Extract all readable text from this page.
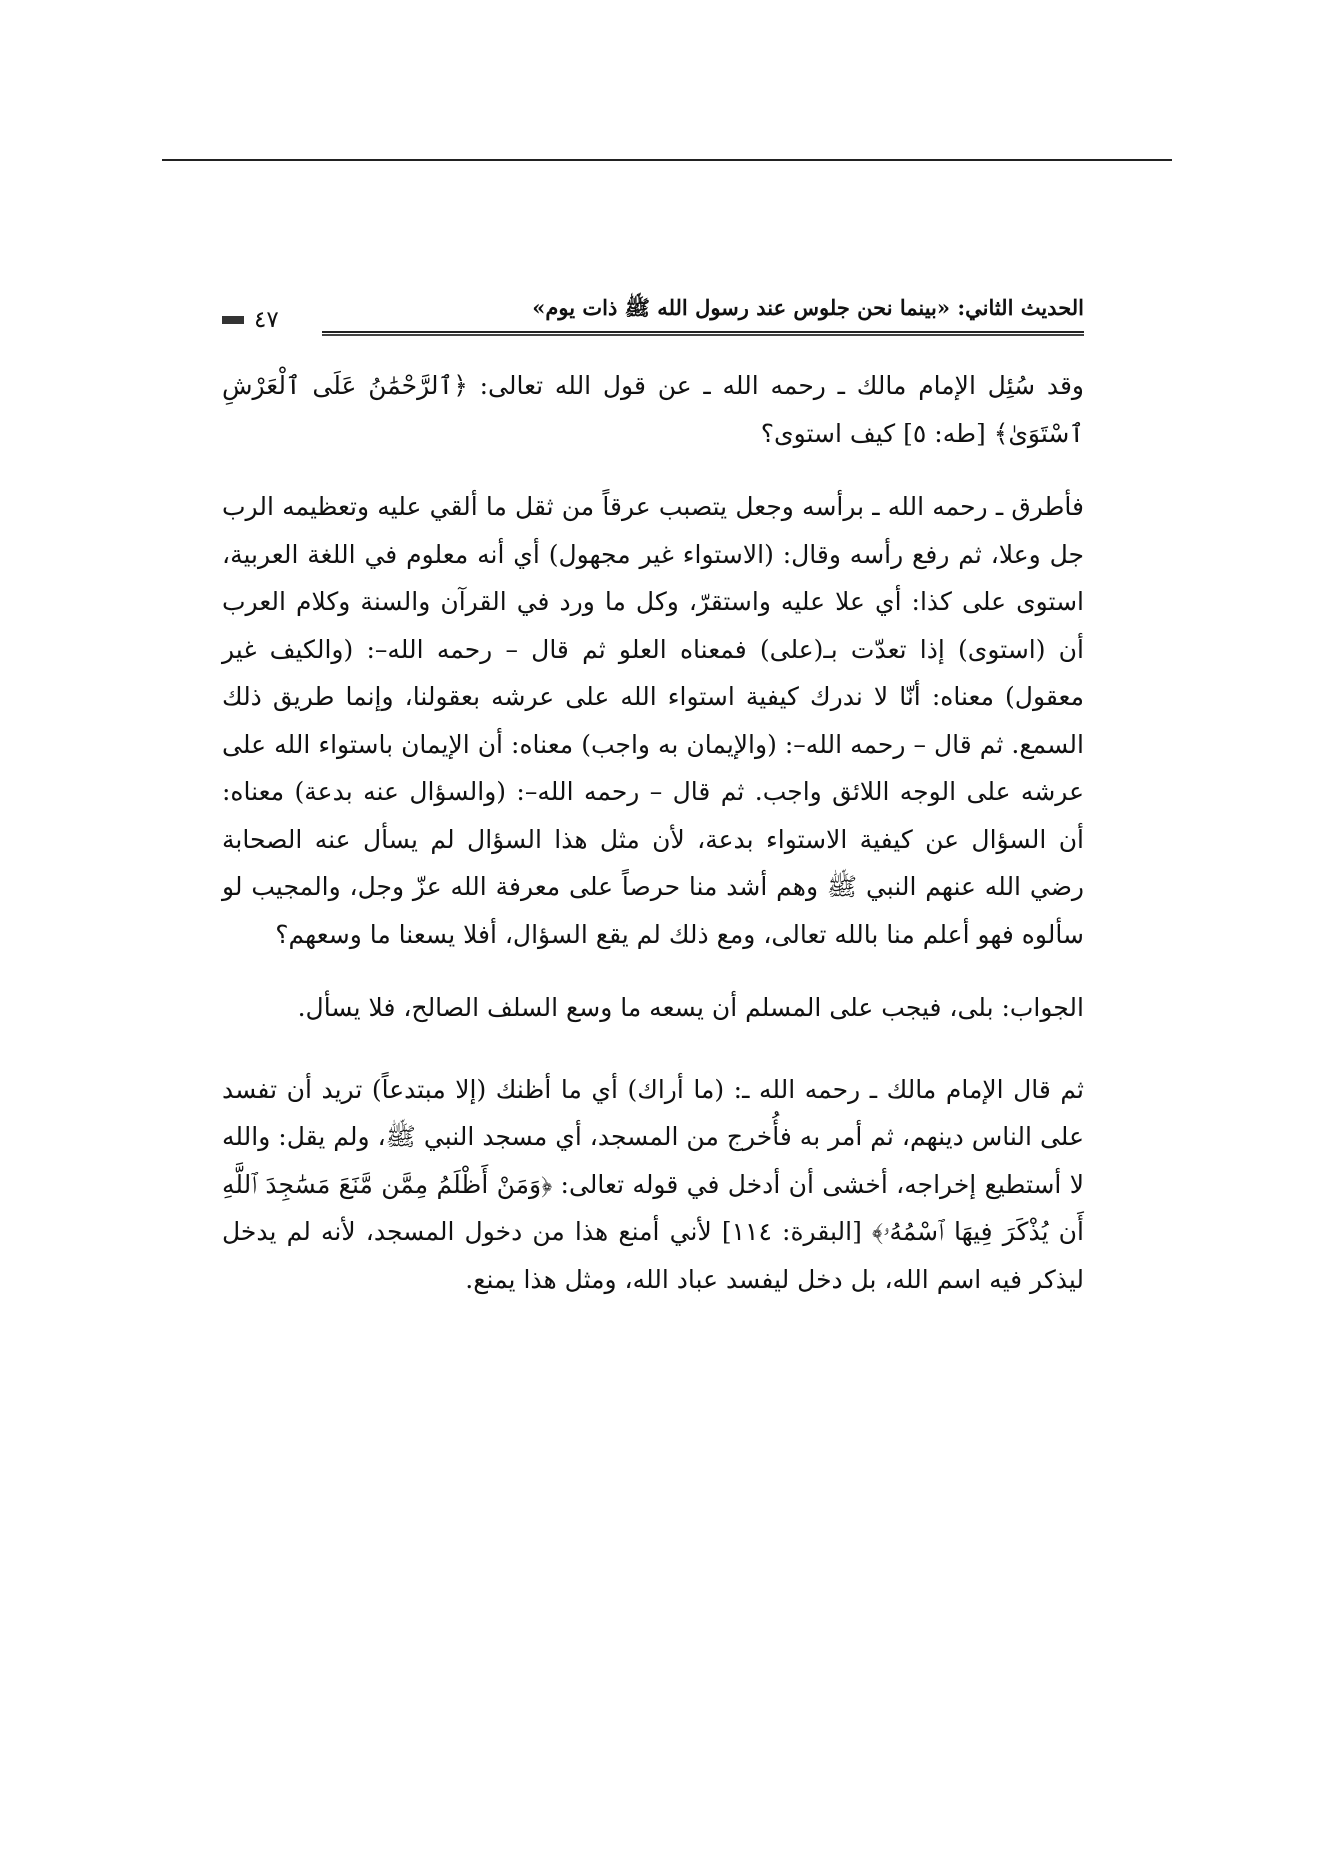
الحديث الثاني: «بينما نحن جلوس عند رسول الله ﷺ ذات يوم»
٤٧

وقد سُئِل الإمام مالك ـ رحمه الله ـ عن قول الله تعالى: ﴿ٱلرَّحْمَٰنُ عَلَى ٱلْعَرْشِ ٱسْتَوَىٰ﴾ [طه: ٥] كيف استوى؟

فأطرق ـ رحمه الله ـ برأسه وجعل يتصبب عرقاً من ثقل ما ألقي عليه وتعظيمه الرب جل وعلا، ثم رفع رأسه وقال: (الاستواء غير مجهول) أي أنه معلوم في اللغة العربية، استوى على كذا: أي علا عليه واستقرّ، وكل ما ورد في القرآن والسنة وكلام العرب أن (استوى) إذا تعدّت بـ(على) فمعناه العلو ثم قال – رحمه الله–: (والكيف غير معقول) معناه: أنّا لا ندرك كيفية استواء الله على عرشه بعقولنا، وإنما طريق ذلك السمع. ثم قال – رحمه الله–: (والإيمان به واجب) معناه: أن الإيمان باستواء الله على عرشه على الوجه اللائق واجب. ثم قال – رحمه الله–: (والسؤال عنه بدعة) معناه: أن السؤال عن كيفية الاستواء بدعة، لأن مثل هذا السؤال لم يسأل عنه الصحابة رضي الله عنهم النبي ﷺ وهم أشد منا حرصاً على معرفة الله عزّ وجل، والمجيب لو سألوه فهو أعلم منا بالله تعالى، ومع ذلك لم يقع السؤال، أفلا يسعنا ما وسعهم؟

الجواب: بلى، فيجب على المسلم أن يسعه ما وسع السلف الصالح، فلا يسأل.

ثم قال الإمام مالك ـ رحمه الله ـ: (ما أراك) أي ما أظنك (إلا مبتدعاً) تريد أن تفسد على الناس دينهم، ثم أمر به فأُخرج من المسجد، أي مسجد النبي ﷺ، ولم يقل: والله لا أستطيع إخراجه، أخشى أن أدخل في قوله تعالى: ﴿وَمَنْ أَظْلَمُ مِمَّن مَّنَعَ مَسَٰجِدَ ٱللَّهِ أَن يُذْكَرَ فِيهَا ٱسْمُهُۥ﴾ [البقرة: ١١٤] لأني أمنع هذا من دخول المسجد، لأنه لم يدخل ليذكر فيه اسم الله، بل دخل ليفسد عباد الله، ومثل هذا يمنع.
